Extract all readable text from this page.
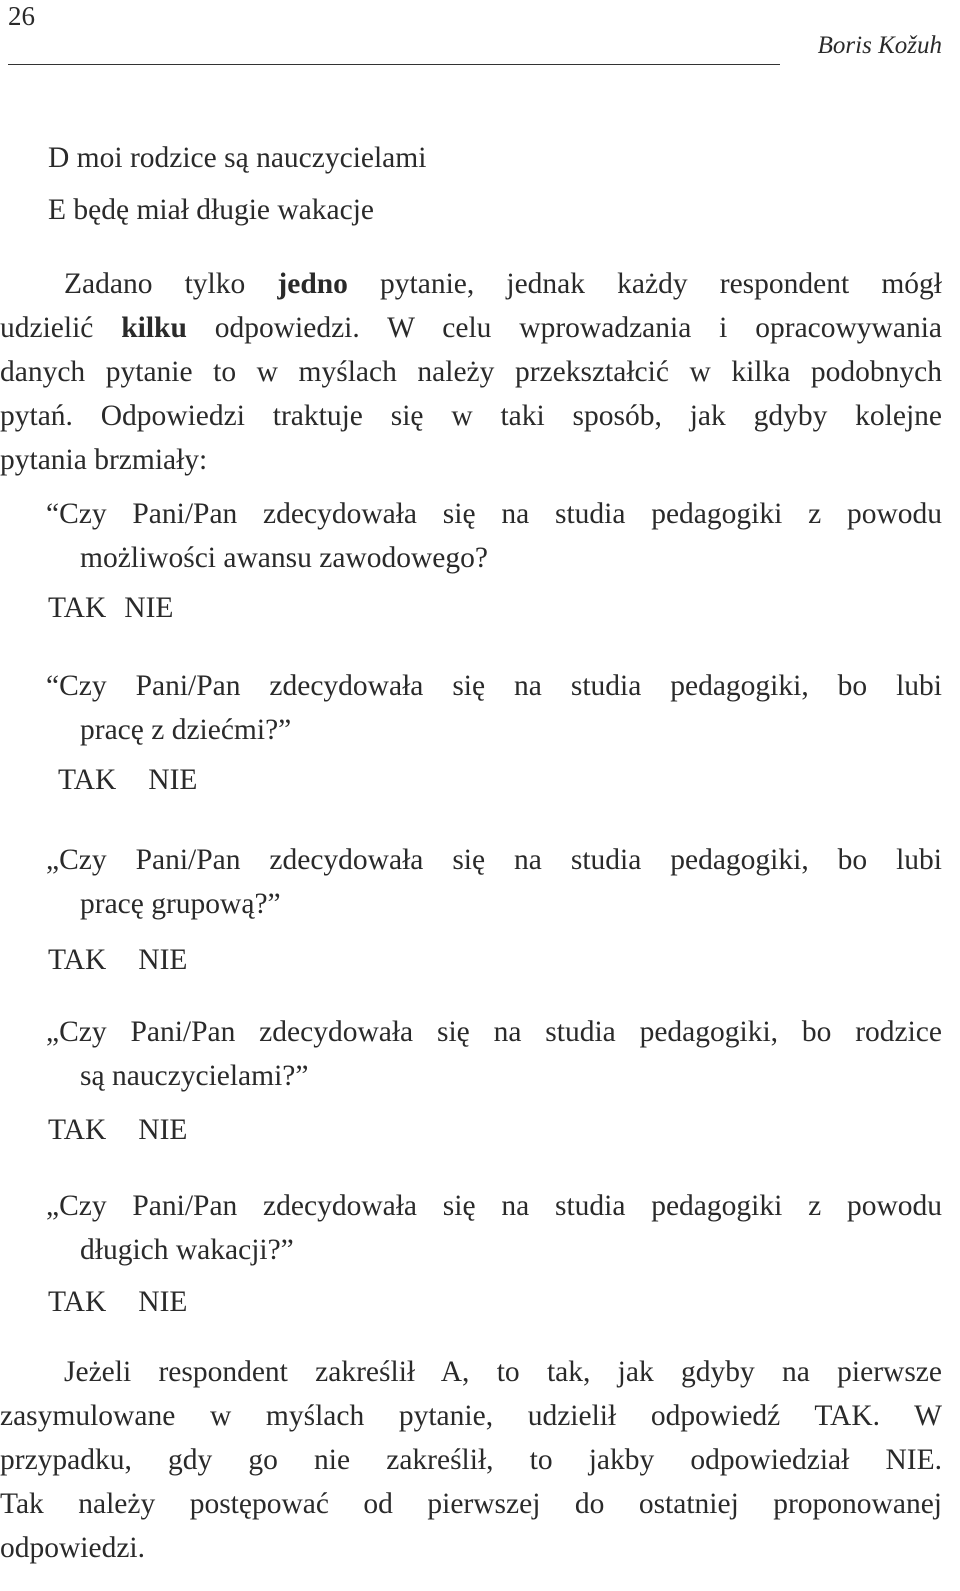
26
Boris Kožuh
D moi rodzice są nauczycielami
E będę miał długie wakacje
Zadano tylko jedno pytanie, jednak każdy respondent mógł
udzielić kilku odpowiedzi. W celu wprowadzania i opracowywania
danych pytanie to w myślach należy przekształcić w kilka podobnych
pytań. Odpowiedzi traktuje się w taki sposób, jak gdyby kolejne
pytania brzmiały:
“Czy Pani/Pan zdecydowała się na studia pedagogiki z powodu
możliwości awansu zawodowego?
TAK NIE
“Czy Pani/Pan zdecydowała się na studia pedagogiki, bo lubi
pracę z dziećmi?”
TAK NIE
„Czy Pani/Pan zdecydowała się na studia pedagogiki, bo lubi
pracę grupową?”
TAK NIE
„Czy Pani/Pan zdecydowała się na studia pedagogiki, bo rodzice
są nauczycielami?”
TAK NIE
„Czy Pani/Pan zdecydowała się na studia pedagogiki z powodu
długich wakacji?”
TAK NIE
Jeżeli respondent zakreślił A, to tak, jak gdyby na pierwsze
zasymulowane w myślach pytanie, udzielił odpowiedź TAK. W
przypadku, gdy go nie zakreślił, to jakby odpowiedział NIE.
Tak należy postępować od pierwszej do ostatniej proponowanej
odpowiedzi.
